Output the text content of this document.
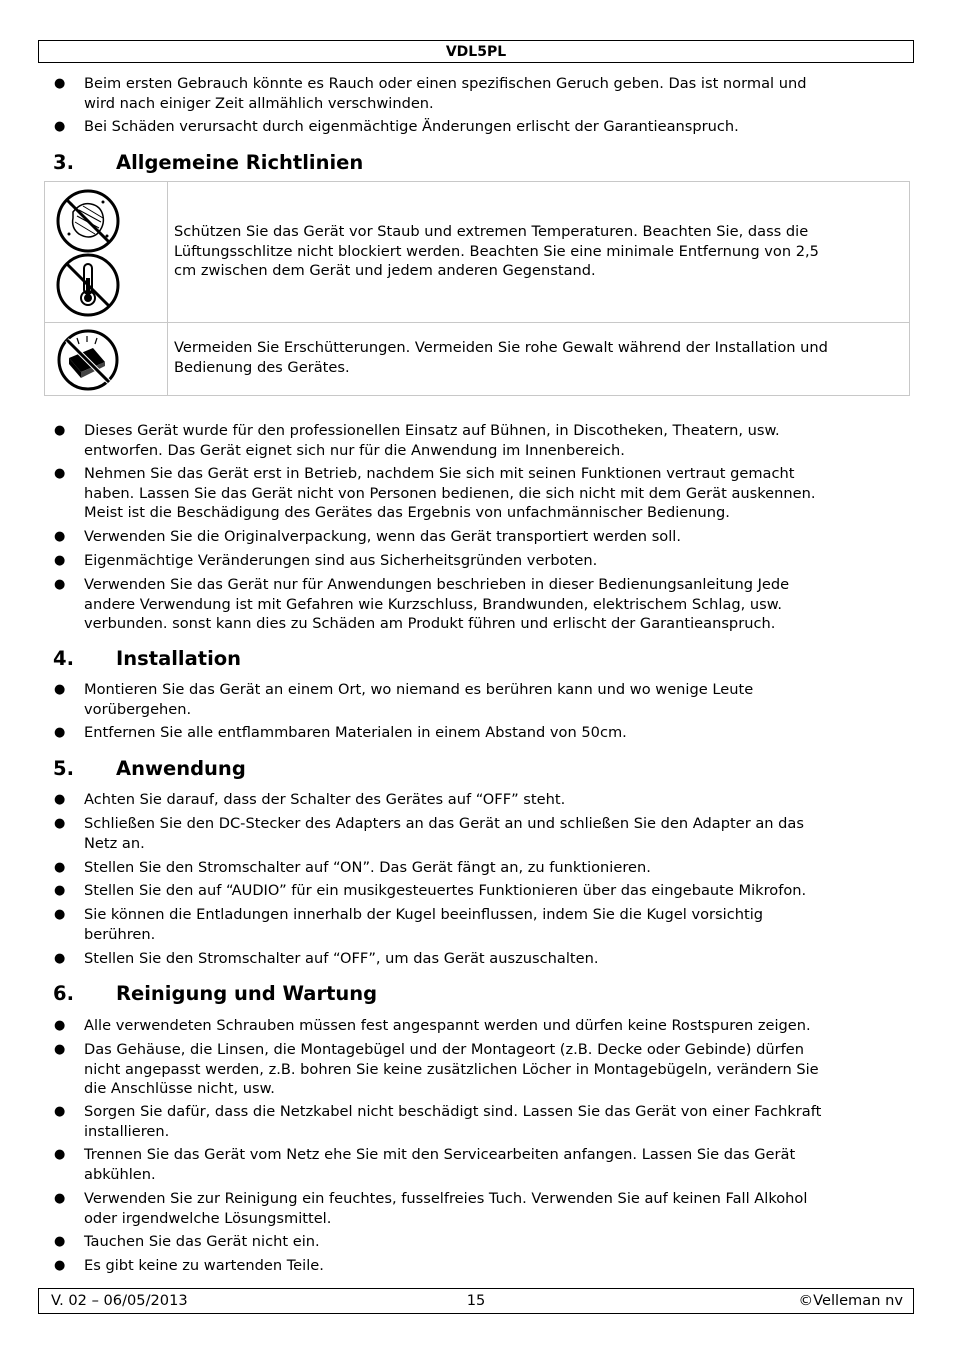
VDL5PL
● Beim ersten Gebrauch könnte es Rauch oder einen spezifischen Geruch geben. Das ist normal und
wird nach einiger Zeit allmählich verschwinden.
● Bei Schäden verursacht durch eigenmächtige Änderungen erlischt der Garantieanspruch.
3. Allgemeine Richtlinien
Schützen Sie das Gerät vor Staub und extremen Temperaturen. Beachten Sie, dass die
Lüftungsschlitze nicht blockiert werden. Beachten Sie eine minimale Entfernung von 2,5
cm zwischen dem Gerät und jedem anderen Gegenstand.
Vermeiden Sie Erschütterungen. Vermeiden Sie rohe Gewalt während der Installation und
Bedienung des Gerätes.
● Dieses Gerät wurde für den professionellen Einsatz auf Bühnen, in Discotheken, Theatern, usw.
entworfen. Das Gerät eignet sich nur für die Anwendung im Innenbereich.
● Nehmen Sie das Gerät erst in Betrieb, nachdem Sie sich mit seinen Funktionen vertraut gemacht
haben. Lassen Sie das Gerät nicht von Personen bedienen, die sich nicht mit dem Gerät auskennen.
Meist ist die Beschädigung des Gerätes das Ergebnis von unfachmännischer Bedienung.
● Verwenden Sie die Originalverpackung, wenn das Gerät transportiert werden soll.
● Eigenmächtige Veränderungen sind aus Sicherheitsgründen verboten.
● Verwenden Sie das Gerät nur für Anwendungen beschrieben in dieser Bedienungsanleitung Jede
andere Verwendung ist mit Gefahren wie Kurzschluss, Brandwunden, elektrischem Schlag, usw.
verbunden. sonst kann dies zu Schäden am Produkt führen und erlischt der Garantieanspruch.
4. Installation
● Montieren Sie das Gerät an einem Ort, wo niemand es berühren kann und wo wenige Leute
vorübergehen.
● Entfernen Sie alle entflammbaren Materialen in einem Abstand von 50cm.
5. Anwendung
● Achten Sie darauf, dass der Schalter des Gerätes auf “OFF” steht.
● Schließen Sie den DC-Stecker des Adapters an das Gerät an und schließen Sie den Adapter an das
Netz an.
● Stellen Sie den Stromschalter auf “ON”. Das Gerät fängt an, zu funktionieren.
● Stellen Sie den auf “AUDIO” für ein musikgesteuertes Funktionieren über das eingebaute Mikrofon.
● Sie können die Entladungen innerhalb der Kugel beeinflussen, indem Sie die Kugel vorsichtig
berühren.
● Stellen Sie den Stromschalter auf “OFF”, um das Gerät auszuschalten.
6. Reinigung und Wartung
● Alle verwendeten Schrauben müssen fest angespannt werden und dürfen keine Rostspuren zeigen.
● Das Gehäuse, die Linsen, die Montagebügel und der Montageort (z.B. Decke oder Gebinde) dürfen
nicht angepasst werden, z.B. bohren Sie keine zusätzlichen Löcher in Montagebügeln, verändern Sie
die Anschlüsse nicht, usw.
● Sorgen Sie dafür, dass die Netzkabel nicht beschädigt sind. Lassen Sie das Gerät von einer Fachkraft
installieren.
● Trennen Sie das Gerät vom Netz ehe Sie mit den Servicearbeiten anfangen. Lassen Sie das Gerät
abkühlen.
● Verwenden Sie zur Reinigung ein feuchtes, fusselfreies Tuch. Verwenden Sie auf keinen Fall Alkohol
oder irgendwelche Lösungsmittel.
● Tauchen Sie das Gerät nicht ein.
● Es gibt keine zu wartenden Teile.
V. 02 – 06/05/2013	15	©Velleman nv
